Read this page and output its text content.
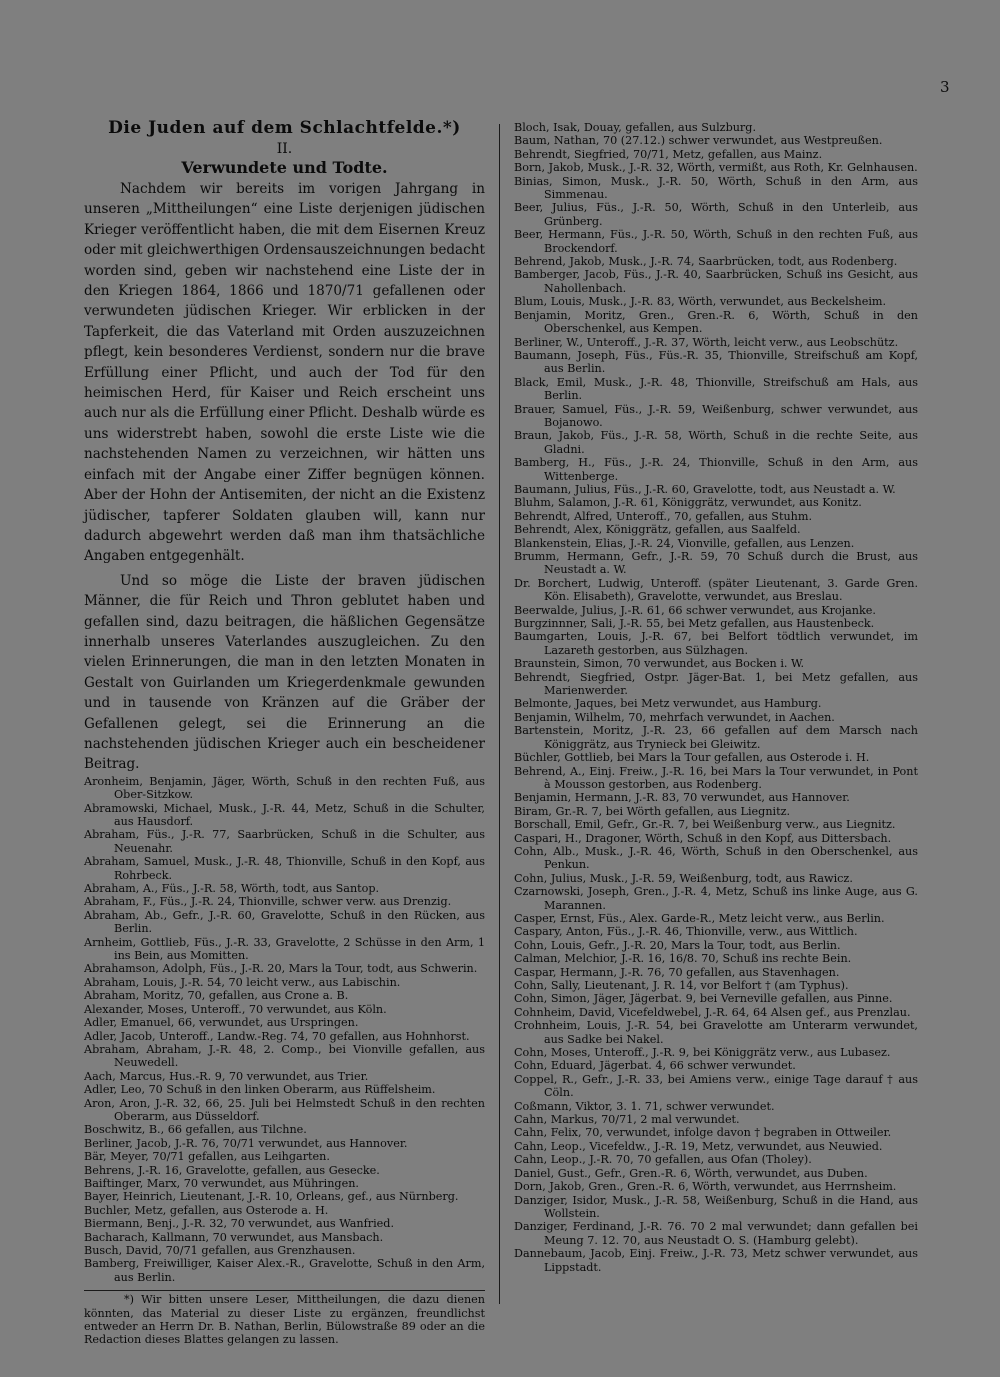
3
Die Juden auf dem Schlachtfelde.*)
II.
Verwundete und Todte.

Nachdem wir bereits im vorigen Jahrgang in unseren „Mittheilungen“ eine Liste derjenigen jüdischen Krieger veröffentlicht haben, die mit dem Eisernen Kreuz oder mit gleichwerthigen Ordensauszeichnungen bedacht worden sind, geben wir nachstehend eine Liste der in den Kriegen 1864, 1866 und 1870/71 gefallenen oder verwundeten jüdischen Krieger. Wir erblicken in der Tapferkeit, die das Vaterland mit Orden auszuzeichnen pflegt, kein besonderes Verdienst, sondern nur die brave Erfüllung einer Pflicht, und auch der Tod für den heimischen Herd, für Kaiser und Reich erscheint uns auch nur als die Erfüllung einer Pflicht. Deshalb würde es uns widerstrebt haben, sowohl die erste Liste wie die nachstehenden Namen zu verzeichnen, wir hätten uns einfach mit der Angabe einer Ziffer begnügen können. Aber der Hohn der Antisemiten, der nicht an die Existenz jüdischer, tapferer Soldaten glauben will, kann nur dadurch abgewehrt werden daß man ihm thatsächliche Angaben entgegenhält.

Und so möge die Liste der braven jüdischen Männer, die für Reich und Thron geblutet haben und gefallen sind, dazu beitragen, die häßlichen Gegensätze innerhalb unseres Vaterlandes auszugleichen. Zu den vielen Erinnerungen, die man in den letzten Monaten in Gestalt von Guirlanden um Kriegerdenkmale gewunden und in tausende von Kränzen auf die Gräber der Gefallenen gelegt, sei die Erinnerung an die nachstehenden jüdischen Krieger auch ein bescheidener Beitrag.

Aronheim, Benjamin, Jäger, Wörth, Schuß in den rechten Fuß, aus Ober-Sitzkow.

Abramowski, Michael, Musk., J.-R. 44, Metz, Schuß in die Schulter, aus Hausdorf.

Abraham, Füs., J.-R. 77, Saarbrücken, Schuß in die Schulter, aus Neuenahr.

Abraham, Samuel, Musk., J.-R. 48, Thionville, Schuß in den Kopf, aus Rohrbeck.

Abraham, A., Füs., J.-R. 58, Wörth, todt, aus Santop.

Abraham, F., Füs., J.-R. 24, Thionville, schwer verw. aus Drenzig.

Abraham, Ab., Gefr., J.-R. 60, Gravelotte, Schuß in den Rücken, aus Berlin.

Arnheim, Gottlieb, Füs., J.-R. 33, Gravelotte, 2 Schüsse in den Arm, 1 ins Bein, aus Momitten.

Abrahamson, Adolph, Füs., J.-R. 20, Mars la Tour, todt, aus Schwerin.

Abraham, Louis, J.-R. 54, 70 leicht verw., aus Labischin.

Abraham, Moritz, 70, gefallen, aus Crone a. B.

Alexander, Moses, Unteroff., 70 verwundet, aus Köln.

Adler, Emanuel, 66, verwundet, aus Urspringen.

Adler, Jacob, Unteroff., Landw.-Reg. 74, 70 gefallen, aus Hohnhorst.

Abraham, Abraham, J.-R. 48, 2. Comp., bei Vionville gefallen, aus Neuwedell.

Aach, Marcus, Hus.-R. 9, 70 verwundet, aus Trier.

Adler, Leo, 70 Schuß in den linken Oberarm, aus Rüffelsheim.

Aron, Aron, J.-R. 32, 66, 25. Juli bei Helmstedt Schuß in den rechten Oberarm, aus Düsseldorf.

Boschwitz, B., 66 gefallen, aus Tilchne.

Berliner, Jacob, J.-R. 76, 70/71 verwundet, aus Hannover.

Bär, Meyer, 70/71 gefallen, aus Leihgarten.

Behrens, J.-R. 16, Gravelotte, gefallen, aus Gesecke.

Baiftinger, Marx, 70 verwundet, aus Mühringen.

Bayer, Heinrich, Lieutenant, J.-R. 10, Orleans, gef., aus Nürnberg.

Buchler, Metz, gefallen, aus Osterode a. H.

Biermann, Benj., J.-R. 32, 70 verwundet, aus Wanfried.

Bacharach, Kallmann, 70 verwundet, aus Mansbach.

Busch, David, 70/71 gefallen, aus Grenzhausen.

Bamberg, Freiwilliger, Kaiser Alex.-R., Gravelotte, Schuß in den Arm, aus Berlin.

*) Wir bitten unsere Leser, Mittheilungen, die dazu dienen könnten, das Material zu dieser Liste zu ergänzen, freundlichst entweder an Herrn Dr. B. Nathan, Berlin, Bülowstraße 89 oder an die Redaction dieses Blattes gelangen zu lassen.

Bloch, Isak, Douay, gefallen, aus Sulzburg.

Baum, Nathan, 70 (27.12.) schwer verwundet, aus Westpreußen.

Behrendt, Siegfried, 70/71, Metz, gefallen, aus Mainz.

Born, Jakob, Musk., J.-R. 32, Wörth, vermißt, aus Roth, Kr. Gelnhausen.

Binias, Simon, Musk., J.-R. 50, Wörth, Schuß in den Arm, aus Simmenau.

Beer, Julius, Füs., J.-R. 50, Wörth, Schuß in den Unterleib, aus Grünberg.

Beer, Hermann, Füs., J.-R. 50, Wörth, Schuß in den rechten Fuß, aus Brockendorf.

Behrend, Jakob, Musk., J.-R. 74, Saarbrücken, todt, aus Rodenberg.

Bamberger, Jacob, Füs., J.-R. 40, Saarbrücken, Schuß ins Gesicht, aus Nahollenbach.

Blum, Louis, Musk., J.-R. 83, Wörth, verwundet, aus Beckelsheim.

Benjamin, Moritz, Gren., Gren.-R. 6, Wörth, Schuß in den Oberschenkel, aus Kempen.

Berliner, W., Unteroff., J.-R. 37, Wörth, leicht verw., aus Leobschütz.

Baumann, Joseph, Füs., Füs.-R. 35, Thionville, Streifschuß am Kopf, aus Berlin.

Black, Emil, Musk., J.-R. 48, Thionville, Streifschuß am Hals, aus Berlin.

Brauer, Samuel, Füs., J.-R. 59, Weißenburg, schwer verwundet, aus Bojanowo.

Braun, Jakob, Füs., J.-R. 58, Wörth, Schuß in die rechte Seite, aus Gladni.

Bamberg, H., Füs., J.-R. 24, Thionville, Schuß in den Arm, aus Wittenberge.

Baumann, Julius, Füs., J.-R. 60, Gravelotte, todt, aus Neustadt a. W.

Bluhm, Salamon, J.-R. 61, Königgrätz, verwundet, aus Konitz.

Behrendt, Alfred, Unteroff., 70, gefallen, aus Stuhm.

Behrendt, Alex, Königgrätz, gefallen, aus Saalfeld.

Blankenstein, Elias, J.-R. 24, Vionville, gefallen, aus Lenzen.

Brumm, Hermann, Gefr., J.-R. 59, 70 Schuß durch die Brust, aus Neustadt a. W.

Dr. Borchert, Ludwig, Unteroff. (später Lieutenant, 3. Garde Gren. Kön. Elisabeth), Gravelotte, verwundet, aus Breslau.

Beerwalde, Julius, J.-R. 61, 66 schwer verwundet, aus Krojanke.

Burgzinnner, Sali, J.-R. 55, bei Metz gefallen, aus Haustenbeck.

Baumgarten, Louis, J.-R. 67, bei Belfort tödtlich verwundet, im Lazareth gestorben, aus Sülzhagen.

Braunstein, Simon, 70 verwundet, aus Bocken i. W.

Behrendt, Siegfried, Ostpr. Jäger-Bat. 1, bei Metz gefallen, aus Marienwerder.

Belmonte, Jaques, bei Metz verwundet, aus Hamburg.

Benjamin, Wilhelm, 70, mehrfach verwundet, in Aachen.

Bartenstein, Moritz, J.-R. 23, 66 gefallen auf dem Marsch nach Königgrätz, aus Trynieck bei Gleiwitz.

Büchler, Gottlieb, bei Mars la Tour gefallen, aus Osterode i. H.

Behrend, A., Einj. Freiw., J.-R. 16, bei Mars la Tour verwundet, in Pont à Mousson gestorben, aus Rodenberg.

Benjamin, Hermann, J.-R. 83, 70 verwundet, aus Hannover.

Biram, Gr.-R. 7, bei Wörth gefallen, aus Liegnitz.

Borschall, Emil, Gefr., Gr.-R. 7, bei Weißenburg verw., aus Liegnitz.

Caspari, H., Dragoner, Wörth, Schuß in den Kopf, aus Dittersbach.

Cohn, Alb., Musk., J.-R. 46, Wörth, Schuß in den Oberschenkel, aus Penkun.

Cohn, Julius, Musk., J.-R. 59, Weißenburg, todt, aus Rawicz.

Czarnowski, Joseph, Gren., J.-R. 4, Metz, Schuß ins linke Auge, aus G. Marannen.

Casper, Ernst, Füs., Alex. Garde-R., Metz leicht verw., aus Berlin.

Caspary, Anton, Füs., J.-R. 46, Thionville, verw., aus Wittlich.

Cohn, Louis, Gefr., J.-R. 20, Mars la Tour, todt, aus Berlin.

Calman, Melchior, J.-R. 16, 16/8. 70, Schuß ins rechte Bein.

Caspar, Hermann, J.-R. 76, 70 gefallen, aus Stavenhagen.

Cohn, Sally, Lieutenant, J. R. 14, vor Belfort † (am Typhus).

Cohn, Simon, Jäger, Jägerbat. 9, bei Verneville gefallen, aus Pinne.

Cohnheim, David, Vicefeldwebel, J.-R. 64, 64 Alsen gef., aus Prenzlau.

Crohnheim, Louis, J.-R. 54, bei Gravelotte am Unterarm verwundet, aus Sadke bei Nakel.

Cohn, Moses, Unteroff., J.-R. 9, bei Königgrätz verw., aus Lubasez.

Cohn, Eduard, Jägerbat. 4, 66 schwer verwundet.

Coppel, R., Gefr., J.-R. 33, bei Amiens verw., einige Tage darauf † aus Cöln.

Coßmann, Viktor, 3. 1. 71, schwer verwundet.

Cahn, Markus, 70/71, 2 mal verwundet.

Cahn, Felix, 70, verwundet, infolge davon † begraben in Ottweiler.

Cahn, Leop., Vicefeldw., J.-R. 19, Metz, verwundet, aus Neuwied.

Cahn, Leop., J.-R. 70, 70 gefallen, aus Ofan (Tholey).

Daniel, Gust., Gefr., Gren.-R. 6, Wörth, verwundet, aus Duben.

Dorn, Jakob, Gren., Gren.-R. 6, Wörth, verwundet, aus Herrnsheim.

Danziger, Isidor, Musk., J.-R. 58, Weißenburg, Schuß in die Hand, aus Wollstein.

Danziger, Ferdinand, J.-R. 76. 70 2 mal verwundet; dann gefallen bei Meung 7. 12. 70, aus Neustadt O. S. (Hamburg gelebt).

Dannebaum, Jacob, Einj. Freiw., J.-R. 73, Metz schwer verwundet, aus Lippstadt.
